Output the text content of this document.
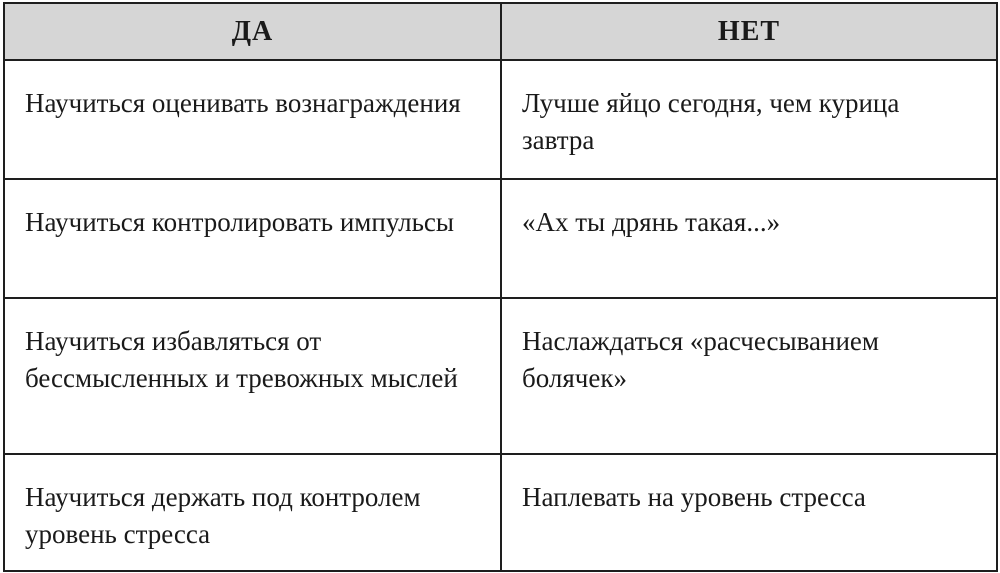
ДА	НЕТ
Научиться оценивать вознаграждения	Лучше яйцо сегодня, чем курица завтра
Научиться контролировать импульсы	«Ах ты дрянь такая...»
Научиться избавляться от бессмысленных и тревожных мыслей	Наслаждаться «расчесыванием болячек»
Научиться держать под контролем уровень стресса	Наплевать на уровень стресса
